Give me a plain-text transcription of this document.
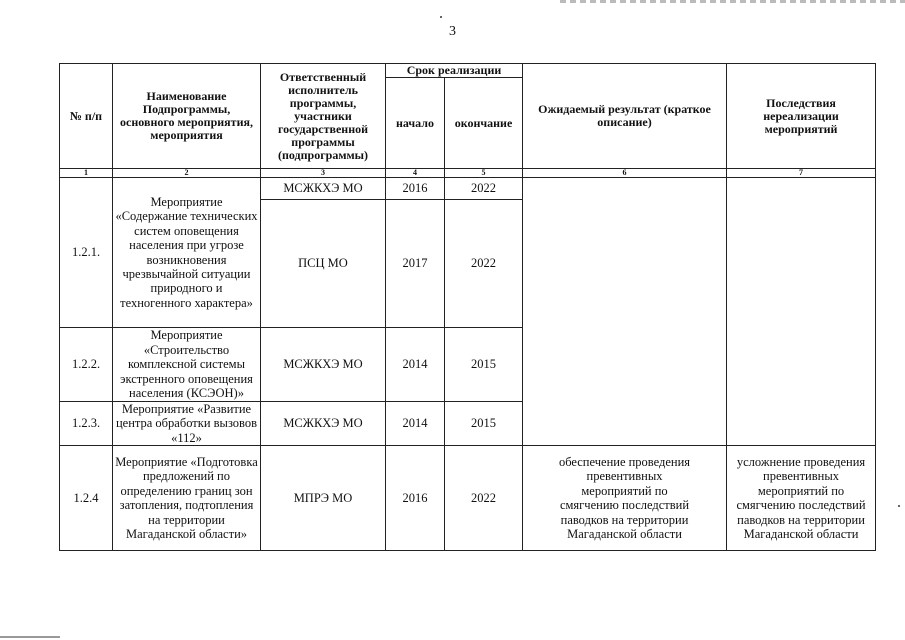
3
№ п/п	Наименование Подпрограммы, основного мероприятия, мероприятия	Ответственный исполнитель программы, участники государственной программы (подпрограммы)	Срок реализации		Ожидаемый результат (краткое описание)	Последствия нереализации мероприятий
			начало	окончание		
1	2	3	4	5	6	7
1.2.1.	Мероприятие «Содержание технических систем оповещения населения при угрозе возникновения чрезвычайной ситуации природного и техногенного характера»	МСЖКХЭ МО	2016	2022		
		ПСЦ МО	2017	2022		
1.2.2.	Мероприятие «Строительство комплексной системы экстренного оповещения населения (КСЭОН)»	МСЖКХЭ МО	2014	2015		
1.2.3.	Мероприятие «Развитие центра обработки вызовов «112»	МСЖКХЭ МО	2014	2015		

1.2.4	Мероприятие «Подготовка предложений по определению границ зон затопления, подтопления на территории Магаданской области»	МПРЭ МО	2016	2022	обеспечение проведения превентивных мероприятий по смягчению последствий паводков на территории Магаданской области	усложнение проведения превентивных мероприятий по смягчению последствий паводков на территории Магаданской области
